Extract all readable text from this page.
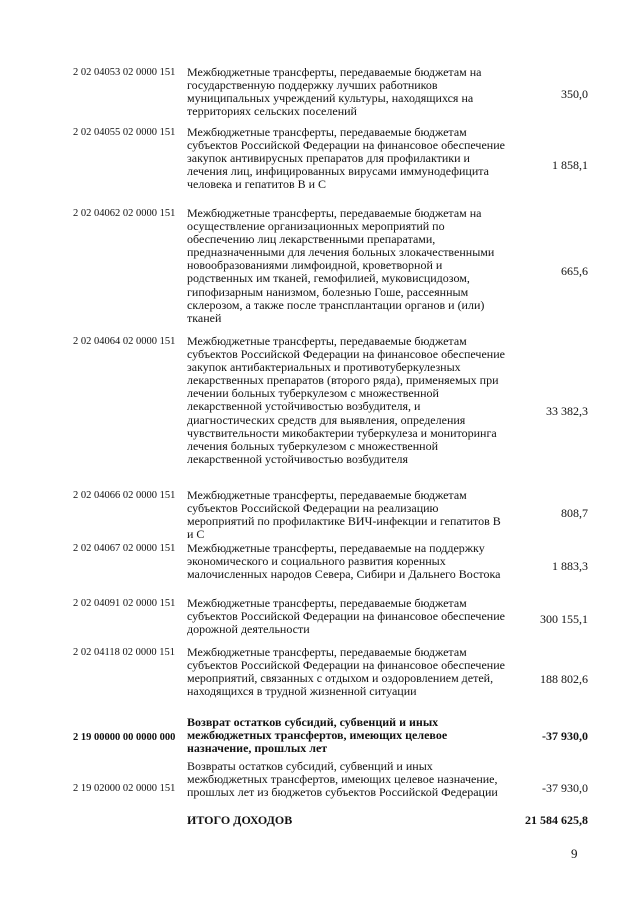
2 02 04053 02 0000 151 Межбюджетные трансферты, передаваемые бюджетам на государственную поддержку лучших работников муниципальных учреждений культуры, находящихся на территориях сельских поселений
350,0
2 02 04055 02 0000 151 Межбюджетные трансферты, передаваемые бюджетам субъектов Российской Федерации на финансовое обеспечение закупок антивирусных препаратов для профилактики и лечения лиц, инфицированных вирусами иммунодефицита человека и гепатитов В и С
1 858,1
2 02 04062 02 0000 151 Межбюджетные трансферты, передаваемые бюджетам на осуществление организационных мероприятий по обеспечению лиц лекарственными препаратами, предназначенными для лечения больных злокачественными новообразованиями лимфоидной, кроветворной и родственных им тканей, гемофилией, муковисцидозом, гипофизарным нанизмом, болезнью Гоше, рассеянным склерозом, а также после трансплантации органов и (или) тканей
665,6
2 02 04064 02 0000 151 Межбюджетные трансферты, передаваемые бюджетам субъектов Российской Федерации на финансовое обеспечение закупок антибактериальных и противотуберкулезных лекарственных препаратов (второго ряда), применяемых при лечении больных туберкулезом с множественной лекарственной устойчивостью возбудителя, и диагностических средств для выявления, определения чувствительности микобактерии туберкулеза и мониторинга лечения больных туберкулезом с множественной лекарственной устойчивостью возбудителя
33 382,3
2 02 04066 02 0000 151 Межбюджетные трансферты, передаваемые бюджетам субъектов Российской Федерации на реализацию мероприятий по профилактике ВИЧ-инфекции и гепатитов В и С
808,7
2 02 04067 02 0000 151 Межбюджетные трансферты, передаваемые на поддержку экономического и социального развития коренных малочисленных народов Севера, Сибири и Дальнего Востока
1 883,3
2 02 04091 02 0000 151 Межбюджетные трансферты, передаваемые бюджетам субъектов Российской Федерации на финансовое обеспечение дорожной деятельности
300 155,1
2 02 04118 02 0000 151 Межбюджетные трансферты, передаваемые бюджетам субъектов Российской Федерации на финансовое обеспечение мероприятий, связанных с отдыхом и оздоровлением детей, находящихся в трудной жизненной ситуации
188 802,6
2 19 00000 00 0000 000
Возврат остатков субсидий, субвенций и иных межбюджетных трансфертов, имеющих целевое назначение, прошлых лет
-37 930,0
2 19 02000 02 0000 151
Возвраты остатков субсидий, субвенций и иных межбюджетных трансфертов, имеющих целевое назначение, прошлых лет из бюджетов субъектов Российской Федерации	-37 930,0
ИТОГО ДОХОДОВ	21 584 625,8
9
